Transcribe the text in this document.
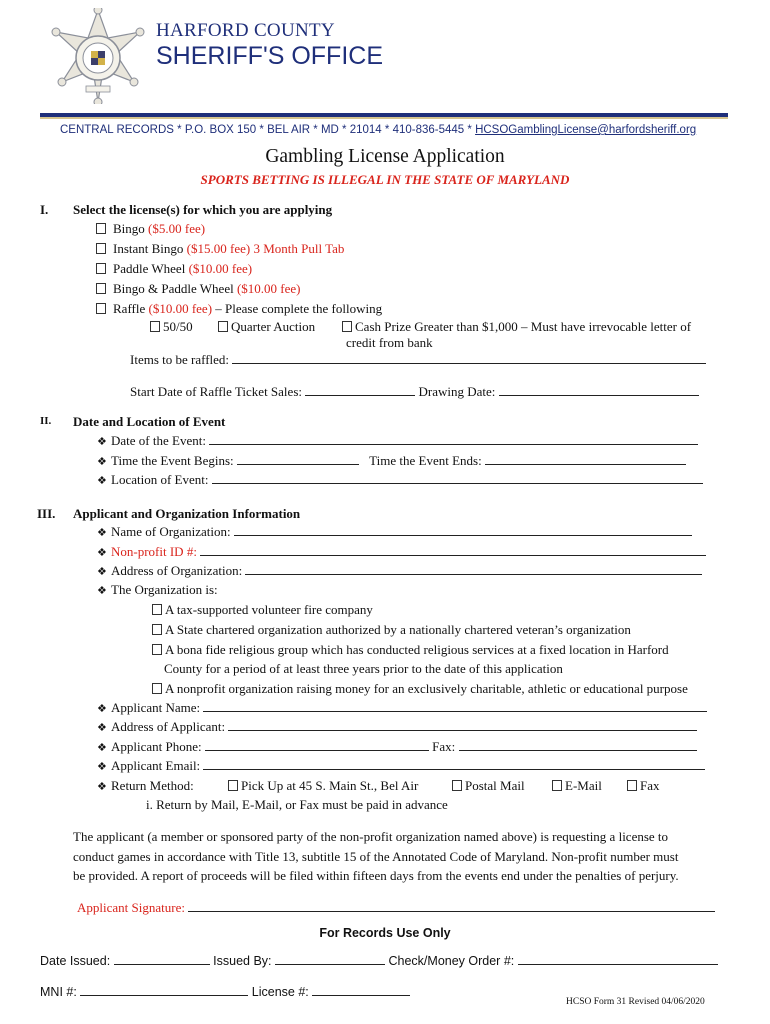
HARFORD COUNTY
SHERIFF'S OFFICE
CENTRAL RECORDS * P.O. BOX 150 * BEL AIR * MD * 21014 * 410-836-5445 * HCSOGamblingLicense@harfordsheriff.org
Gambling License Application
SPORTS BETTING IS ILLEGAL IN THE STATE OF MARYLAND
I. Select the license(s) for which you are applying
Bingo ($5.00 fee)
Instant Bingo ($15.00 fee) 3 Month Pull Tab
Paddle Wheel ($10.00 fee)
Bingo & Paddle Wheel ($10.00 fee)
Raffle ($10.00 fee) – Please complete the following
50/50	Quarter Auction	Cash Prize Greater than $1,000 – Must have irrevocable letter of
credit from bank
Items to be raffled:
Start Date of Raffle Ticket Sales:	Drawing Date:
II. Date and Location of Event
❖ Date of the Event:
❖ Time the Event Begins:	Time the Event Ends:
❖ Location of Event:
III. Applicant and Organization Information
❖ Name of Organization:
❖ Non-profit ID #:
❖ Address of Organization:
❖ The Organization is:
A tax-supported volunteer fire company
A State chartered organization authorized by a nationally chartered veteran’s organization
A bona fide religious group which has conducted religious services at a fixed location in Harford
County for a period of at least three years prior to the date of this application
A nonprofit organization raising money for an exclusively charitable, athletic or educational purpose
❖ Applicant Name:
❖ Address of Applicant:
❖ Applicant Phone:	Fax:
❖ Applicant Email:
❖ Return Method:	Pick Up at 45 S. Main St., Bel Air	Postal Mail	E-Mail	Fax
i. Return by Mail, E-Mail, or Fax must be paid in advance
The applicant (a member or sponsored party of the non-profit organization named above) is requesting a license to
conduct games in accordance with Title 13, subtitle 15 of the Annotated Code of Maryland. Non-profit number must
be provided. A report of proceeds will be filed within fifteen days from the events end under the penalties of perjury.
Applicant Signature:
For Records Use Only
Date Issued:	Issued By:	Check/Money Order #:
MNI #:	License #:
HCSO Form 31 Revised 04/06/2020
